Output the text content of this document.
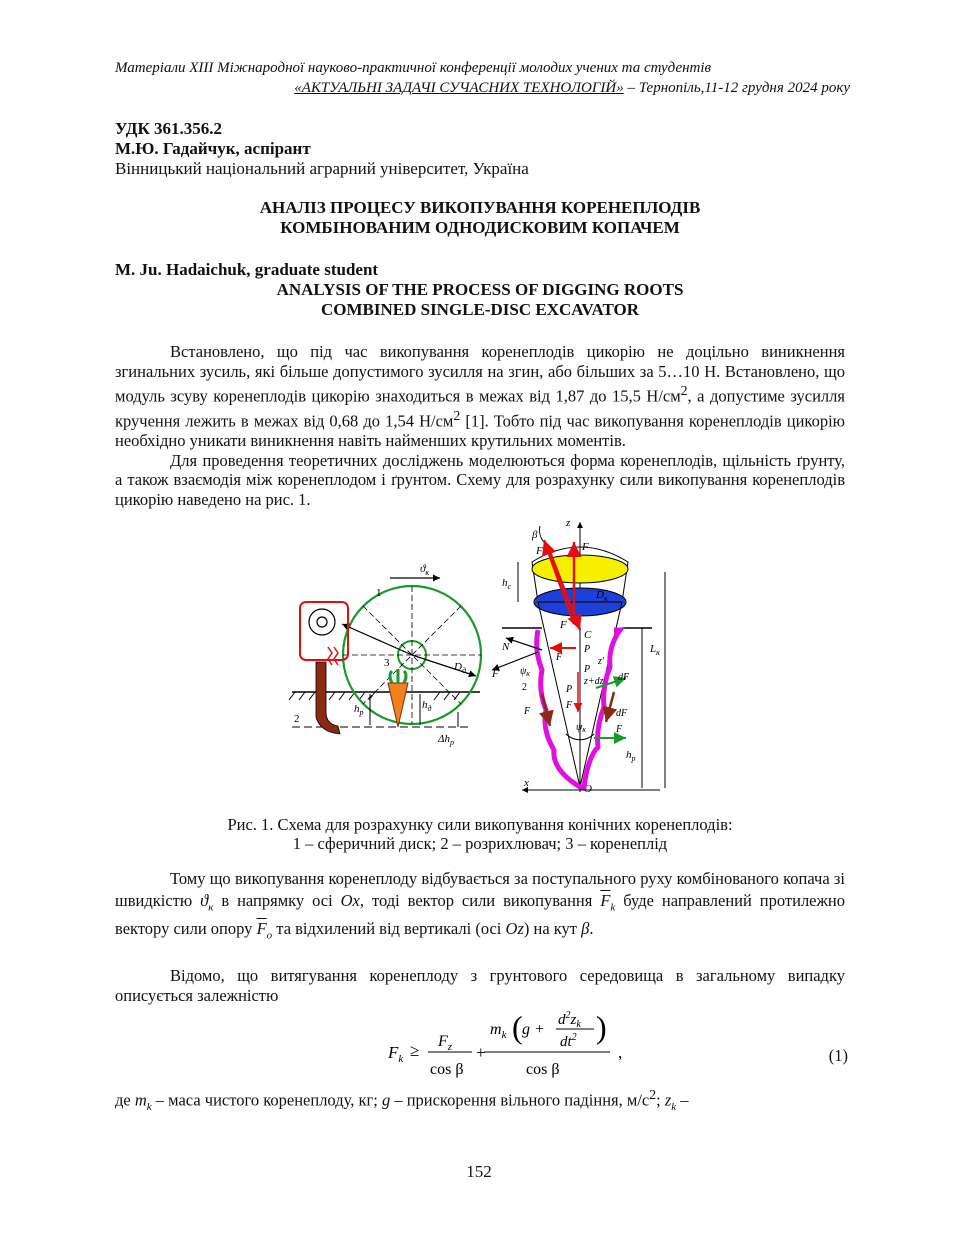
Матеріали XIII Міжнародної науково-практичної конференції молодих учених та студентів
«АКТУАЛЬНІ ЗАДАЧІ СУЧАСНИХ ТЕХНОЛОГІЙ» – Тернопіль,11-12 грудня 2024 року
УДК 361.356.2
М.Ю. Гадайчук, аспірант
Вінницький національний аграрний університет, Україна
АНАЛІЗ ПРОЦЕСУ ВИКОПУВАННЯ КОРЕНЕПЛОДІВ
КОМБІНОВАНИМ ОДНОДИСКОВИМ КОПАЧЕМ
M. Ju. Hadaichuk, graduate student
ANALYSIS OF THE PROCESS OF DIGGING ROOTS
COMBINED SINGLE-DISC EXCAVATOR

Встановлено, що під час викопування коренеплодів цикорію не доцільно виникнення згинальних зусиль, які більше допустимого зусилля на згин, або більших за 5…10 Н. Встановлено, що модуль зсуву коренеплодів цикорію знаходиться в межах від 1,87 до 15,5 $Н/см^2$, а допустиме зусилля кручення лежить в межах від 0,68 до 1,54 $Н/см^2$ [1]. Тобто під час викопування коренеплодів цикорію необхідно уникати виникнення навіть найменших крутильних моментів.

Для проведення теоретичних досліджень моделюються форма коренеплодів, щільність ґрунту, а також взаємодія між коренеплодом і ґрунтом. Схему для розрахунку сили викопування коренеплодів цикорію наведено на рис. 1.

$ϑ_к$
1
$D_д$
3
2
$h_р$
$h_д$
$\Delta h_р$
z
x	O
$D_к$
$h_с$
$L_к$
$h_р$
β
F	F
F
C
F
N
F $\psi_к$
2
P
z'
P
z+dz
P
F
F	dF
dF
F
$\psi_к$
Рис. 1. Схема для розрахунку сили викопування конічних коренеплодів:
1 – сферичний диск; 2 – розрихлювач; 3 – коренеплід

Тому що викопування коренеплоду відбувається за поступального руху комбінованого копача зі швидкістю $ϑ_к$ в напрямку осі Ox, тоді вектор сили викопування $\overline{F}_k$ буде направлений протилежно вектору сили опору $\overline{F}_o$ та відхилений від вертикалі (осі Oz) на кут β.

Відомо, що витягування коренеплоду з грунтового середовища в загальному випадку описується залежністю

$F_k \ge F_z$
cos β
+
$m_k$ ( g +
$d^2z_k$
$dt^2$ )
cos β
,	(1)
де $m_k$ – маса чистого коренеплоду, кг; g – прискорення вільного падіння, $м/с^2$; $z_k$ –
152
